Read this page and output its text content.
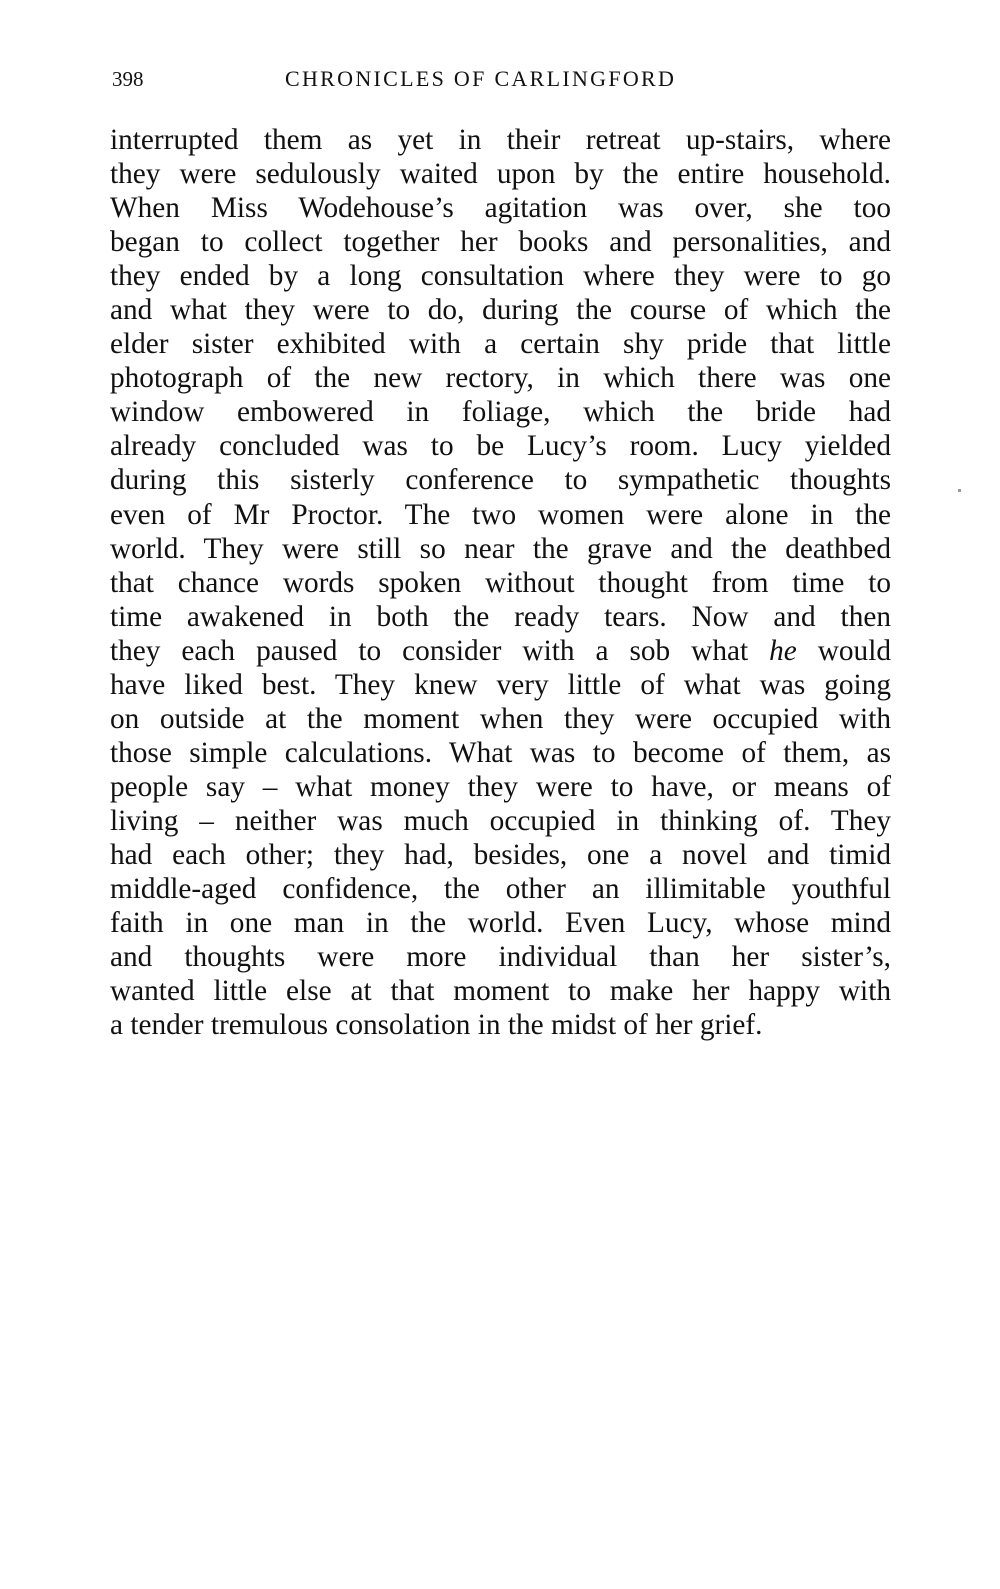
398	CHRONICLES OF CARLINGFORD

interrupted them as yet in their retreat up-stairs, where
they were sedulously waited upon by the entire household.
When Miss Wodehouse’s agitation was over, she too
began to collect together her books and personalities, and
they ended by a long consultation where they were to go
and what they were to do, during the course of which the
elder sister exhibited with a certain shy pride that little
photograph of the new rectory, in which there was one
window embowered in foliage, which the bride had
already concluded was to be Lucy’s room. Lucy yielded
during this sisterly conference to sympathetic thoughts
even of Mr Proctor. The two women were alone in the
world. They were still so near the grave and the deathbed
that chance words spoken without thought from time to
time awakened in both the ready tears. Now and then
they each paused to consider with a sob what he would
have liked best. They knew very little of what was going
on outside at the moment when they were occupied with
those simple calculations. What was to become of them, as
people say – what money they were to have, or means of
living – neither was much occupied in thinking of. They
had each other; they had, besides, one a novel and timid
middle-aged confidence, the other an illimitable youthful
faith in one man in the world. Even Lucy, whose mind
and thoughts were more individual than her sister’s,
wanted little else at that moment to make her happy with
a tender tremulous consolation in the midst of her grief.
